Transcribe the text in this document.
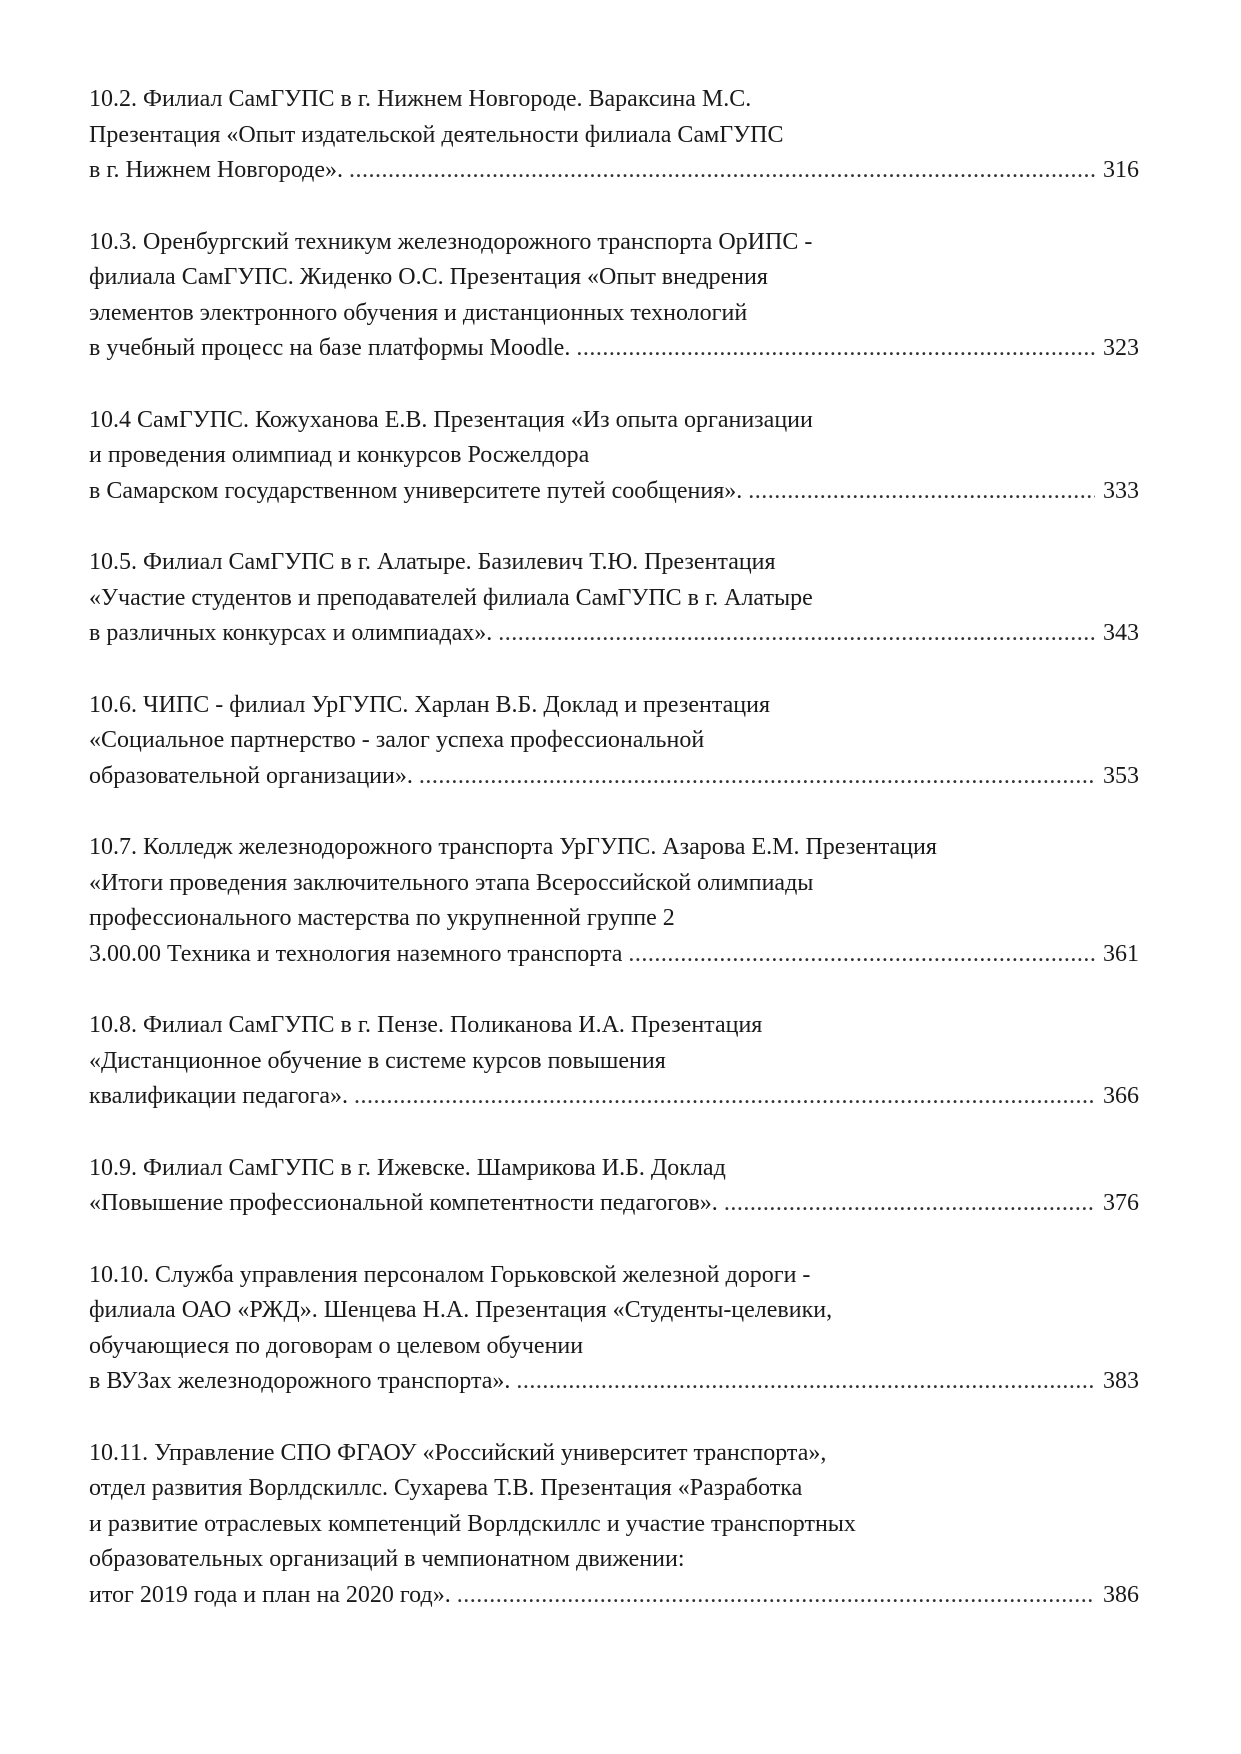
10.2. Филиал СамГУПС в г. Нижнем Новгороде. Вараксина М.С.
Презентация «Опыт издательской деятельности филиала СамГУПС
в г. Нижнем Новгороде». .....	316
10.3. Оренбургский техникум железнодорожного транспорта ОрИПС -
филиала СамГУПС. Жиденко О.С. Презентация «Опыт внедрения
элементов электронного обучения и дистанционных технологий
в учебный процесс на базе платформы Moodle. .....	323
10.4 СамГУПС. Кожуханова Е.В. Презентация «Из опыта организации
и проведения олимпиад и конкурсов Росжелдора
в Самарском государственном университете путей сообщения». .....	333
10.5. Филиал СамГУПС в г. Алатыре. Базилевич Т.Ю. Презентация
«Участие студентов и преподавателей филиала СамГУПС в г. Алатыре
в различных конкурсах и олимпиадах». .....	343
10.6. ЧИПС - филиал УрГУПС. Харлан В.Б. Доклад и презентация
«Социальное партнерство - залог успеха профессиональной
образовательной организации». .....	353
10.7. Колледж железнодорожного транспорта УрГУПС. Азарова Е.М. Презентация
«Итоги проведения заключительного этапа Всероссийской олимпиады
профессионального мастерства по укрупненной группе 2
3.00.00 Техника и технология наземного транспорта .....	361
10.8. Филиал СамГУПС в г. Пензе. Поликанова И.А. Презентация
«Дистанционное обучение в системе курсов повышения
квалификации педагога». .....	366
10.9. Филиал СамГУПС в г. Ижевске. Шамрикова И.Б. Доклад
«Повышение профессиональной компетентности педагогов». .....	376
10.10. Служба управления персоналом Горьковской железной дороги -
филиала ОАО «РЖД». Шенцева Н.А. Презентация «Студенты-целевики,
обучающиеся по договорам о целевом обучении
в ВУЗах железнодорожного транспорта». .....	383
10.11. Управление СПО ФГАОУ «Российский университет транспорта»,
отдел развития Ворлдскиллс. Сухарева Т.В. Презентация «Разработка
и развитие отраслевых компетенций Ворлдскиллс и участие транспортных
образовательных организаций в чемпионатном движении:
итог 2019 года и план на 2020 год». .....	386
